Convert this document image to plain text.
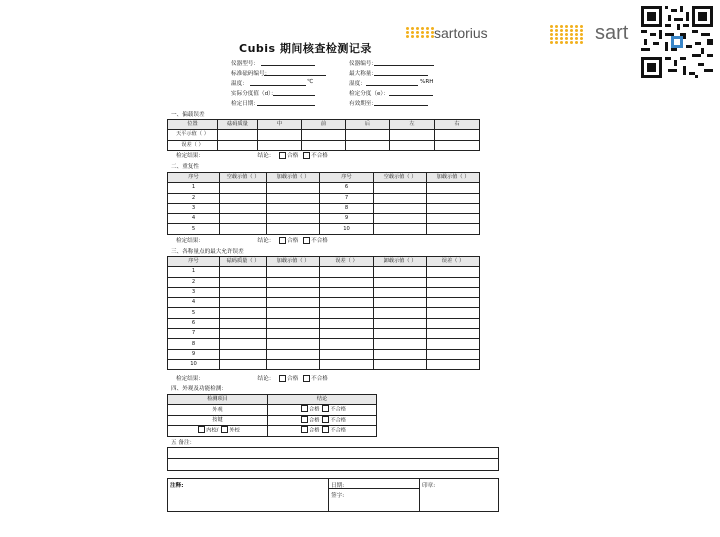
sartorius	sart
Cubis 期间核查检测记录
仪器型号：
标准砝码编号：
温度：	℃
实际分度值（d）：
检定日期：
仪器编号：
最大称量：
湿度：	%RH
检定分度（e）：
有效期至：
一、偏载误差
位置	砝码质量	中	前	后	左	右
天平示值（ ）						
误差（ ）						
检定结果：	结论： 合格 不合格
二、重复性
序号	空载示值（ ）	加载示值（ ）	序号	空载示值（ ）	加载示值（ ）
1			6		
2			7		
3			8		
4			9		
5			10		
检定结果：	结论： 合格 不合格
三、各称量点的最大允许误差
序号	砝码质量（ ）	加载示值（ ）	误差（ ）	卸载示值（ ）	误差（ ）
1					
2					
3					
4					
5					
6					
7					
8					
9					
10					
检定结果：	结论： 合格 不合格
四、外观及功能检测：
检测项目	结论
外观	合格 不合格
按键	合格 不合格
内校/ 外校	合格 不合格
五 备注：
注释:	日期:
签字:
印章:
